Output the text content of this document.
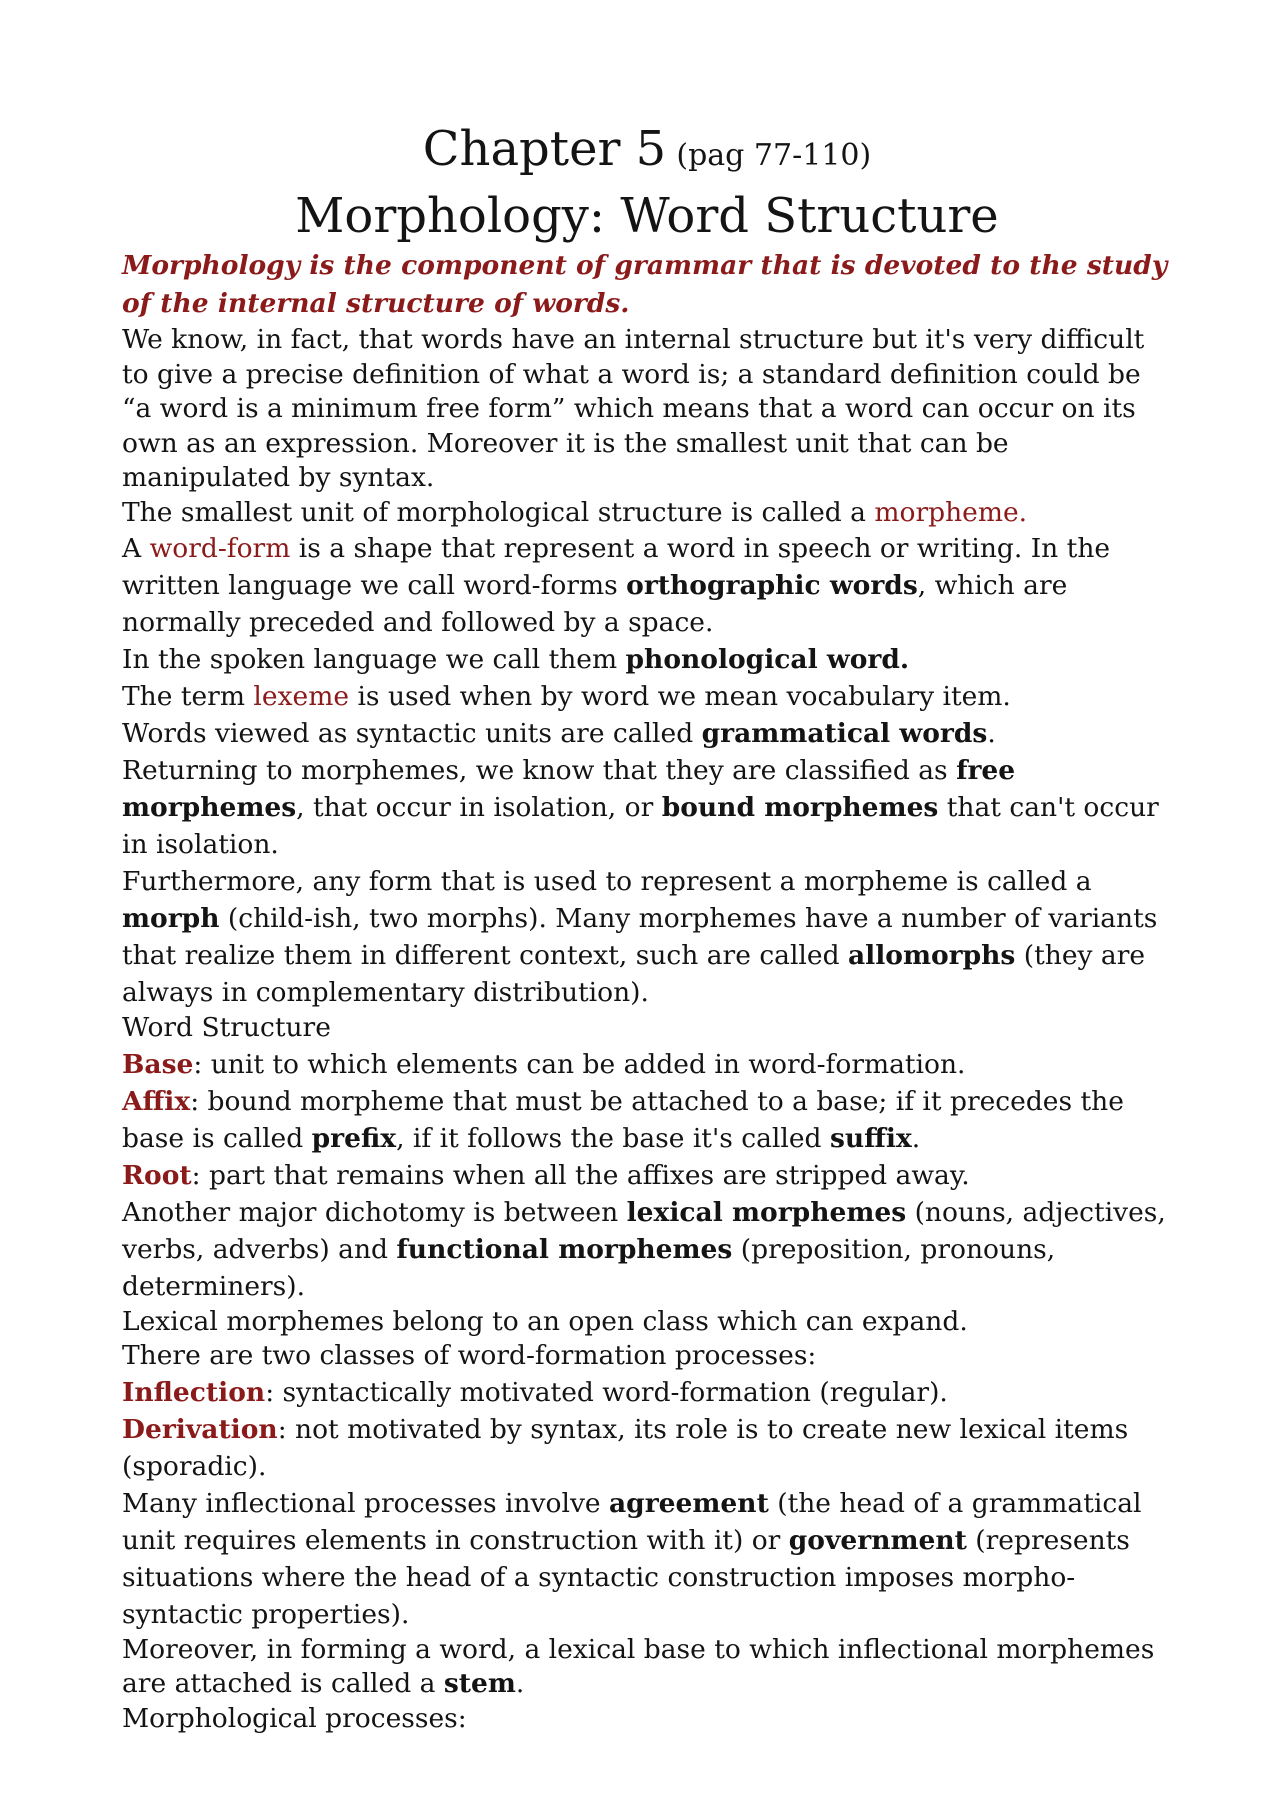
Chapter 5 (pag 77-110)
Morphology: Word Structure

Morphology is the component of grammar that is devoted to the study of the internal structure of words.

We know, in fact, that words have an internal structure but it's very difficult to give a precise definition of what a word is; a standard definition could be “a word is a minimum free form” which means that a word can occur on its own as an expression. Moreover it is the smallest unit that can be manipulated by syntax.

The smallest unit of morphological structure is called a morpheme.

A word-form is a shape that represent a word in speech or writing. In the written language we call word-forms orthographic words, which are normally preceded and followed by a space.

In the spoken language we call them phonological word.

The term lexeme is used when by word we mean vocabulary item.

Words viewed as syntactic units are called grammatical words.

Returning to morphemes, we know that they are classified as free morphemes, that occur in isolation, or bound morphemes that can't occur in isolation.

Furthermore, any form that is used to represent a morpheme is called a morph (child-ish, two morphs). Many morphemes have a number of variants that realize them in different context, such are called allomorphs (they are always in complementary distribution).

Word Structure

Base: unit to which elements can be added in word-formation.

Affix: bound morpheme that must be attached to a base; if it precedes the base is called prefix, if it follows the base it's called suffix.

Root: part that remains when all the affixes are stripped away.

Another major dichotomy is between lexical morphemes (nouns, adjectives, verbs, adverbs) and functional morphemes (preposition, pronouns, determiners).

Lexical morphemes belong to an open class which can expand.

There are two classes of word-formation processes:

Inflection: syntactically motivated word-formation (regular).

Derivation: not motivated by syntax, its role is to create new lexical items (sporadic).

Many inflectional processes involve agreement (the head of a grammatical unit requires elements in construction with it) or government (represents situations where the head of a syntactic construction imposes morpho-syntactic properties).

Moreover, in forming a word, a lexical base to which inflectional morphemes are attached is called a stem.

Morphological processes:
